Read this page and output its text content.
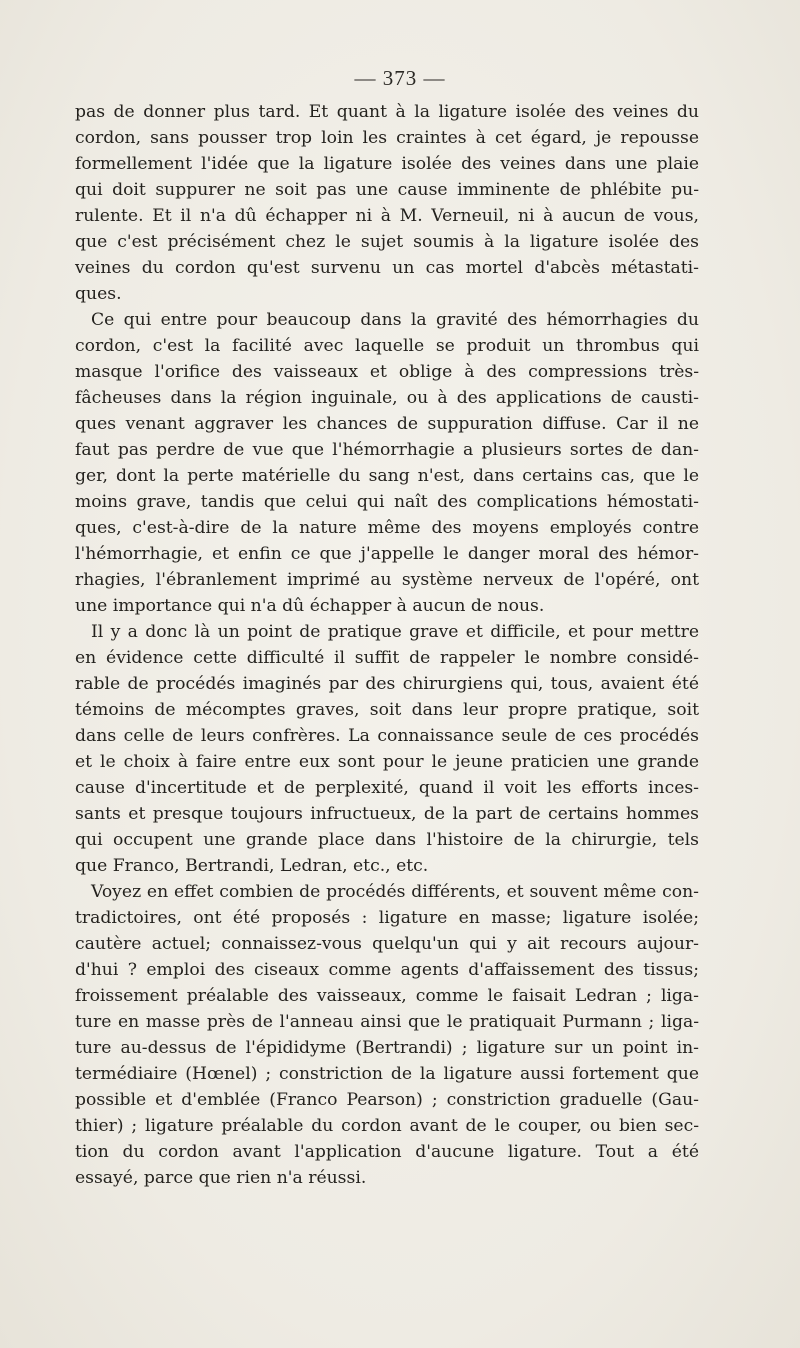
— 373 —
pas de donner plus tard. Et quant à la ligature isolée des veines du
cordon, sans pousser trop loin les craintes à cet égard, je repousse
formellement l'idée que la ligature isolée des veines dans une plaie
qui doit suppurer ne soit pas une cause imminente de phlébite pu-
rulente. Et il n'a dû échapper ni à M. Verneuil, ni à aucun de vous,
que c'est précisément chez le sujet soumis à la ligature isolée des
veines du cordon qu'est survenu un cas mortel d'abcès métastati-
ques.
Ce qui entre pour beaucoup dans la gravité des hémorrhagies du
cordon, c'est la facilité avec laquelle se produit un thrombus qui
masque l'orifice des vaisseaux et oblige à des compressions très-
fâcheuses dans la région inguinale, ou à des applications de causti-
ques venant aggraver les chances de suppuration diffuse. Car il ne
faut pas perdre de vue que l'hémorrhagie a plusieurs sortes de dan-
ger, dont la perte matérielle du sang n'est, dans certains cas, que le
moins grave, tandis que celui qui naît des complications hémostati-
ques, c'est-à-dire de la nature même des moyens employés contre
l'hémorrhagie, et enfin ce que j'appelle le danger moral des hémor-
rhagies, l'ébranlement imprimé au système nerveux de l'opéré, ont
une importance qui n'a dû échapper à aucun de nous.
Il y a donc là un point de pratique grave et difficile, et pour mettre
en évidence cette difficulté il suffit de rappeler le nombre considé-
rable de procédés imaginés par des chirurgiens qui, tous, avaient été
témoins de mécomptes graves, soit dans leur propre pratique, soit
dans celle de leurs confrères. La connaissance seule de ces procédés
et le choix à faire entre eux sont pour le jeune praticien une grande
cause d'incertitude et de perplexité, quand il voit les efforts inces-
sants et presque toujours infructueux, de la part de certains hommes
qui occupent une grande place dans l'histoire de la chirurgie, tels
que Franco, Bertrandi, Ledran, etc., etc.
Voyez en effet combien de procédés différents, et souvent même con-
tradictoires, ont été proposés : ligature en masse; ligature isolée;
cautère actuel; connaissez-vous quelqu'un qui y ait recours aujour-
d'hui ? emploi des ciseaux comme agents d'affaissement des tissus;
froissement préalable des vaisseaux, comme le faisait Ledran ; liga-
ture en masse près de l'anneau ainsi que le pratiquait Purmann ; liga-
ture au-dessus de l'épididyme (Bertrandi) ; ligature sur un point in-
termédiaire (Hœnel) ; constriction de la ligature aussi fortement que
possible et d'emblée (Franco Pearson) ; constriction graduelle (Gau-
thier) ; ligature préalable du cordon avant de le couper, ou bien sec-
tion du cordon avant l'application d'aucune ligature. Tout a été
essayé, parce que rien n'a réussi.
